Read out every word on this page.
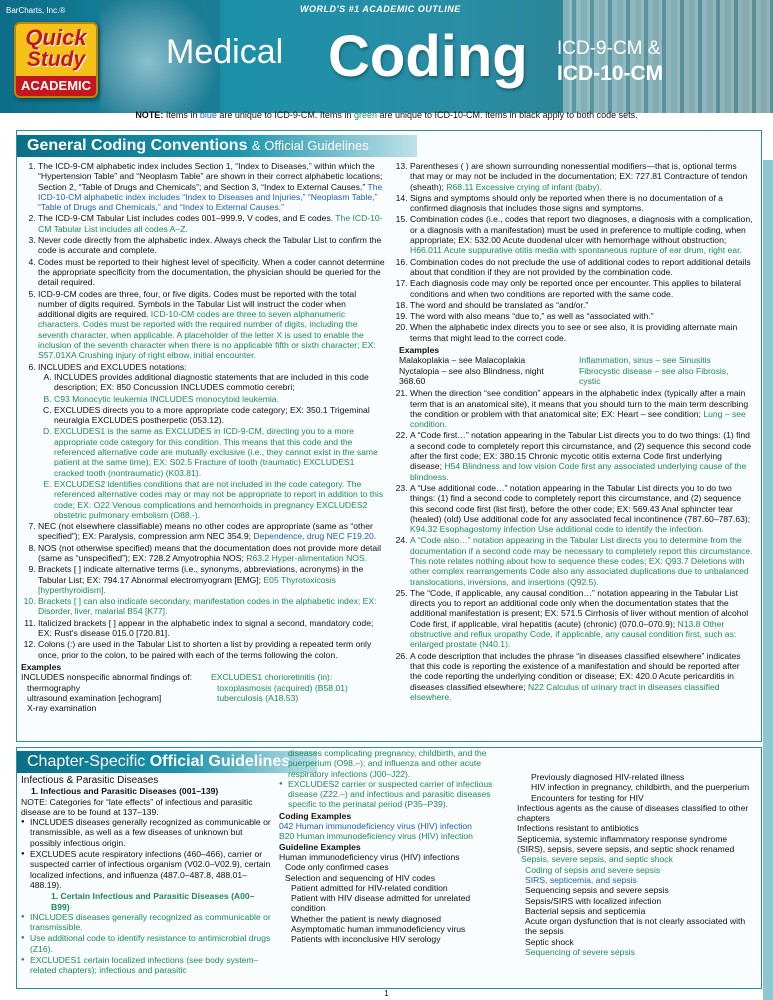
BarCharts, Inc.®	WORLD'S #1 ACADEMIC OUTLINE
Quick
Study
ACADEMIC
Medical Coding ICD-9-CM &
ICD-10-CM
NOTE: Items in blue are unique to ICD-9-CM. Items in green are unique to ICD-10-CM. Items in black apply to both code sets.
General Coding Conventions & Official Guidelines
1. The ICD-9-CM alphabetic index includes Section 1, “Index to Diseases,” within which the “Hypertension Table” and “Neoplasm Table” are shown in their correct alphabetic locations; Section 2, “Table of Drugs and Chemicals”; and Section 3, “Index to External Causes.” The ICD-10-CM alphabetic index includes “Index to Diseases and Injuries,” “Neoplasm Table,” “Table of Drugs and Chemicals,” and “Index to External Causes.”
2. The ICD-9-CM Tabular List includes codes 001–999.9, V codes, and E codes. The ICD-10-CM Tabular List includes all codes A–Z.
3. Never code directly from the alphabetic index. Always check the Tabular List to confirm the code is accurate and complete.
4. Codes must be reported to their highest level of specificity. When a coder cannot determine the appropriate specificity from the documentation, the physician should be queried for the detail required.
5. ICD-9-CM codes are three, four, or five digits. Codes must be reported with the total number of digits required. Symbols in the Tabular List will instruct the coder when additional digits are required. ICD-10-CM codes are three to seven alphanumeric characters. Codes must be reported with the required number of digits, including the seventh character, when applicable. A placeholder of the letter X is used to enable the inclusion of the seventh character when there is no applicable fifth or sixth character; EX: S57.01XA Crushing injury of right elbow, initial encounter.
6. INCLUDES and EXCLUDES notations:
A. INCLUDES provides additional diagnostic statements that are included in this code description; EX: 850 Concussion INCLUDES commotio cerebri;
B. C93 Monocytic leukemia INCLUDES monocytoid leukemia.
C. EXCLUDES directs you to a more appropriate code category; EX: 350.1 Trigeminal neuralgia EXCLUDES postherpetic (053.12).
D. EXCLUDES1 is the same as EXCLUDES in ICD-9-CM, directing you to a more appropriate code category for this condition. This means that this code and the referenced alternative code are mutually exclusive (i.e., they cannot exist in the same patient at the same time); EX: S02.5 Fracture of tooth (traumatic) EXCLUDES1 cracked tooth (nontraumatic) (K03.81).
E. EXCLUDES2 identifies conditions that are not included in the code category. The referenced alternative codes may or may not be appropriate to report in addition to this code; EX: O22 Venous complications and hemorrhoids in pregnancy EXCLUDES2 obstetric pulmonary embolism (O88.-).
7. NEC (not elsewhere classifiable) means no other codes are appropriate (same as “other specified”); EX: Paralysis, compression arm NEC 354.9; Dependence, drug NEC F19.20.
8. NOS (not otherwise specified) means that the documentation does not provide more detail (same as “unspecified”); EX: 728.2 Amyotrophia NOS; R63.2 Hyper-alimentation NOS.
9. Brackets [ ] indicate alternative terms (i.e., synonyms, abbreviations, acronyms) in the Tabular List; EX: 794.17 Abnormal electromyogram [EMG]; E05 Thyrotoxicosis [hyperthyroidism].
10. Brackets [ ] can also indicate secondary, manifestation codes in the alphabetic index; EX: Disorder, liver, malarial B54 [K77].
11. Italicized brackets [ ] appear in the alphabetic index to signal a second, mandatory code; EX: Rust's disease 015.0 [720.81].
12. Colons (:) are used in the Tabular List to shorten a list by providing a repeated term only once, prior to the colon, to be paired with each of the terms following the colon.
Examples
INCLUDES nonspecific abnormal findings of:
thermography
ultrasound examination [echogram]
X-ray examination
EXCLUDES1 chorioretinitis (in):
toxoplasmosis (acquired) (B58.01)
tuberculosis (A18.53)
13. Parentheses ( ) are shown surrounding nonessential modifiers—that is, optional terms that may or may not be included in the documentation; EX: 727.81 Contracture of tendon (sheath); R68.11 Excessive crying of infant (baby).
14. Signs and symptoms should only be reported when there is no documentation of a confirmed diagnosis that includes those signs and symptoms.
15. Combination codes (i.e., codes that report two diagnoses, a diagnosis with a complication, or a diagnosis with a manifestation) must be used in preference to multiple coding, when appropriate; EX: 532.00 Acute duodenal ulcer with hemorrhage without obstruction; H66.011 Acute suppurative otitis media with spontaneous rupture of ear drum, right ear.
16. Combination codes do not preclude the use of additional codes to report additional details about that condition if they are not provided by the combination code.
17. Each diagnosis code may only be reported once per encounter. This applies to bilateral conditions and when two conditions are reported with the same code.
18. The word and should be translated as “and/or.”
19. The word with also means “due to,” as well as “associated with.”
20. When the alphabetic index directs you to see or see also, it is providing alternate main terms that might lead to the correct code.
Examples
Malakoplakia – see Malacoplakia	Inflammation, sinus – see Sinusitis
Nyctalopia – see also Blindness, night 368.60
Fibrocystic disease – see also Fibrosis, cystic
21. When the direction “see condition” appears in the alphabetic index (typically after a main term that is an anatomical site), it means that you should turn to the main term describing the condition or problem with that anatomical site; EX: Heart – see condition; Lung – see condition.
22. A “Code first…” notation appearing in the Tabular List directs you to do two things: (1) find a second code to completely report this circumstance, and (2) sequence this second code after the first code; EX: 380.15 Chronic mycotic otitis externa Code first underlying disease; H54 Blindness and low vision Code first any associated underlying cause of the blindness.
23. A “Use additional code…” notation appearing in the Tabular List directs you to do two things: (1) find a second code to completely report this circumstance, and (2) sequence this second code first (list first), before the other code; EX: 569.43 Anal sphincter tear (healed) (old) Use additional code for any associated fecal incontinence (787.60–787.63); K94.32 Esophagostomy infection Use additional code to identify the infection.
24. A “Code also…” notation appearing in the Tabular List directs you to determine from the documentation if a second code may be necessary to completely report this circumstance. This note relates nothing about how to sequence these codes; EX: Q93.7 Deletions with other complex rearrangements Code also any associated duplications due to unbalanced translocations, inversions, and insertions (Q92.5).
25. The “Code, if applicable, any causal condition…” notation appearing in the Tabular List directs you to report an additional code only when the documentation states that the additional manifestation is present; EX: 571.5 Cirrhosis of liver without mention of alcohol Code first, if applicable, viral hepatitis (acute) (chronic) (070.0–070.9); N13.8 Other obstructive and reflux uropathy Code, if applicable, any causal condition first, such as: enlarged prostate (N40.1).
26. A code description that includes the phrase “in diseases classified elsewhere” indicates that this code is reporting the existence of a manifestation and should be reported after the code reporting the underlying condition or disease; EX: 420.0 Acute pericarditis in diseases classified elsewhere; N22 Calculus of urinary tract in diseases classified elsewhere.
Chapter-Specific Official Guidelines
Infectious & Parasitic Diseases
1. Infectious and Parasitic Diseases (001–139)
NOTE: Categories for “late effects” of infectious and parasitic disease are to be found at 137–139.
● INCLUDES diseases generally recognized as communicable or transmissible, as well as a few diseases of unknown but possibly infectious origin.
● EXCLUDES acute respiratory infections (460–466), carrier or suspected carrier of infectious organism (V02.0–V02.9), certain localized infections, and influenza (487.0–487.8, 488.01–488.19).
1. Certain Infectious and Parasitic Diseases (A00–B99)
● INCLUDES diseases generally recognized as communicable or transmissible.
● Use additional code to identify resistance to antimicrobial drugs (Z16).
● EXCLUDES1 certain localized infections (see body system–related chapters); infectious and parasitic
diseases complicating pregnancy, childbirth, and the puerperium (O98.–); and influenza and other acute respiratory infections (J00–J22).
● EXCLUDES2 carrier or suspected carrier of infectious disease (Z22.–) and infectious and parasitic diseases specific to the perinatal period (P35–P39).
Coding Examples
042 Human immunodeficiency virus (HIV) infection
B20 Human immunodeficiency virus (HIV) infection
Guideline Examples
Human immunodeficiency virus (HIV) infections
Code only confirmed cases
Selection and sequencing of HIV codes
Patient admitted for HIV-related condition
Patient with HIV disease admitted for unrelated condition
Whether the patient is newly diagnosed
Asymptomatic human immunodeficiency virus
Patients with inconclusive HIV serology
Previously diagnosed HIV-related illness
HIV infection in pregnancy, childbirth, and the puerperium
Encounters for testing for HIV
Infectious agents as the cause of diseases classified to other chapters
Infections resistant to antibiotics
Septicemia, systemic inflammatory response syndrome (SIRS), sepsis, severe sepsis, and septic shock renamed
Sepsis, severe sepsis, and septic shock
Coding of sepsis and severe sepsis
SIRS, septicemia, and sepsis
Sequencing sepsis and severe sepsis
Sepsis/SIRS with localized infection
Bacterial sepsis and septicemia
Acute organ dysfunction that is not clearly associated with the sepsis
Septic shock
Sequencing of severe sepsis
1
